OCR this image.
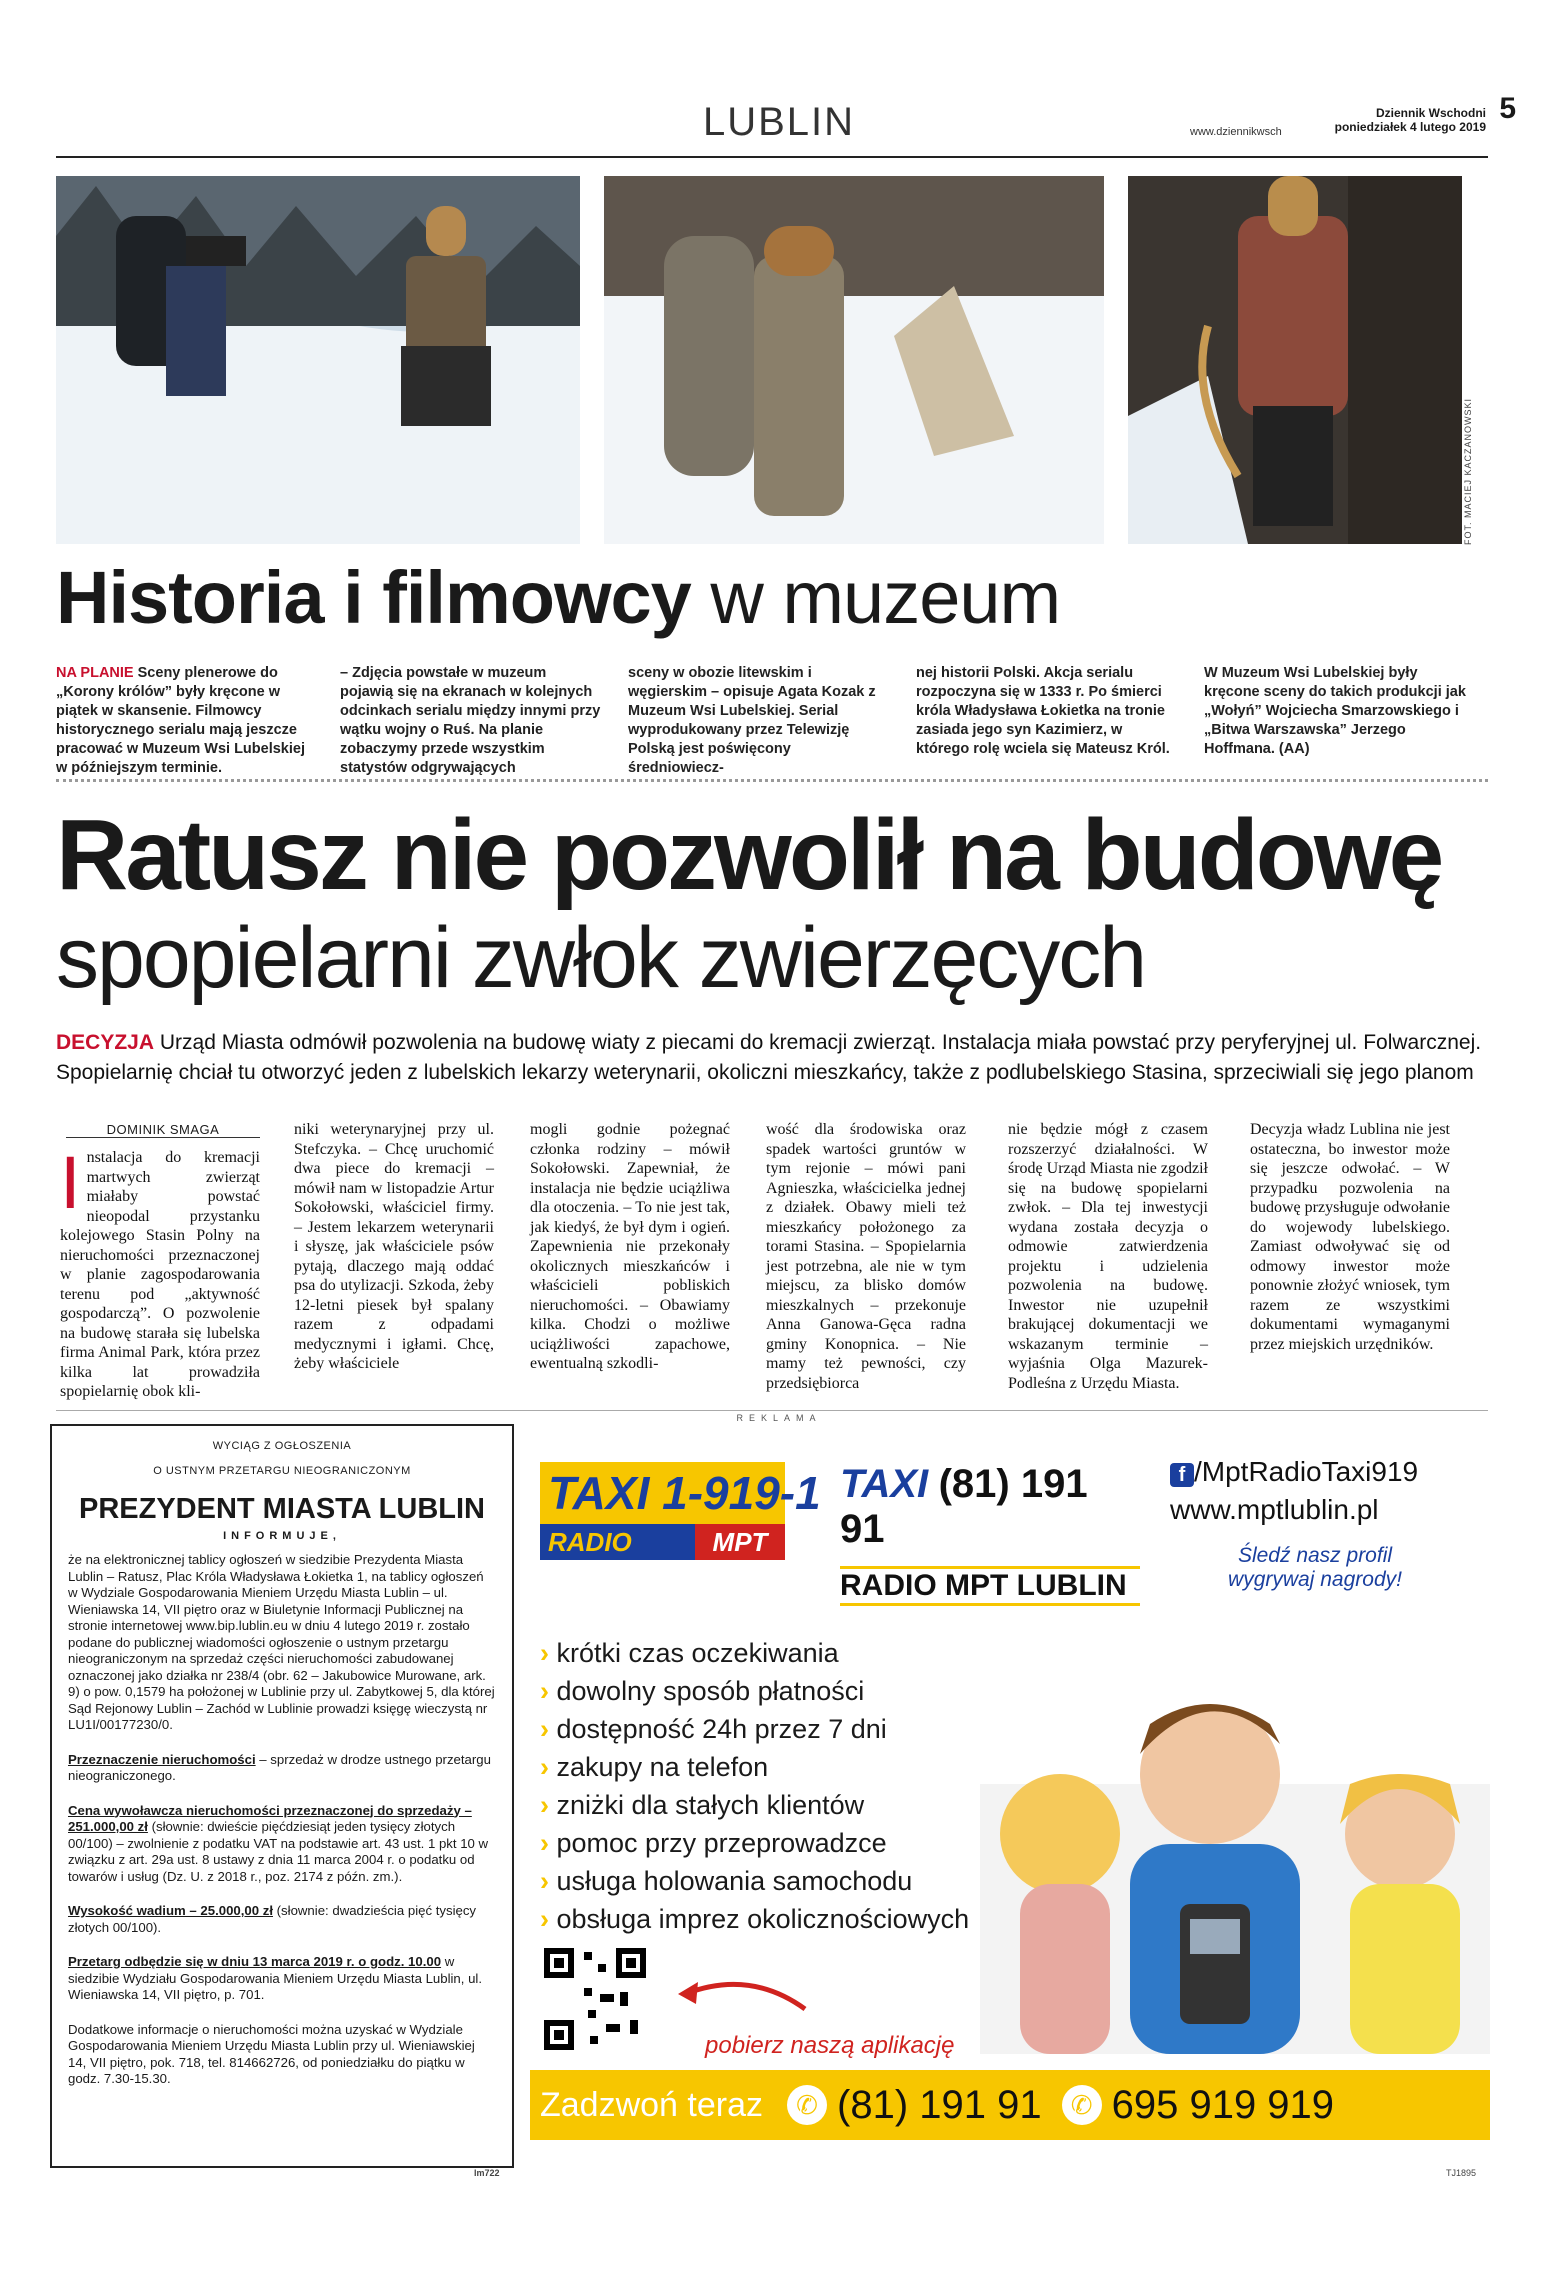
LUBLIN	www.dziennikwsch
Dziennik Wschodni
poniedziałek 4 lutego 2019
5
FOT. MACIEJ KACZANOWSKI
Historia i filmowcy w muzeum
NA PLANIE Sceny plenerowe do „Korony królów” były kręcone w piątek w skansenie. Filmowcy historycznego serialu mają jeszcze pracować w Muzeum Wsi Lubelskiej w późniejszym terminie.
– Zdjęcia powstałe w muzeum pojawią się na ekranach w kolejnych odcinkach serialu między innymi przy wątku wojny o Ruś. Na planie zobaczymy przede wszystkim statystów odgrywających
sceny w obozie litewskim i węgierskim – opisuje Agata Kozak z Muzeum Wsi Lubelskiej. Serial wyprodukowany przez Telewizję Polską jest poświęcony średniowiecz-
nej historii Polski. Akcja serialu rozpoczyna się w 1333 r. Po śmierci króla Władysława Łokietka na tronie zasiada jego syn Kazimierz, w którego rolę wciela się Mateusz Król.
W Muzeum Wsi Lubelskiej były kręcone sceny do takich produkcji jak „Wołyń” Wojciecha Smarzowskiego i „Bitwa Warszawska” Jerzego Hoffmana. (AA)
Ratusz nie pozwolił na budowę
spopielarni zwłok zwierzęcych
DECYZJA Urząd Miasta odmówił pozwolenia na budowę wiaty z piecami do kremacji zwierząt. Instalacja miała powstać przy peryferyjnej ul. Folwarcznej. Spopielarnię chciał tu otworzyć jeden z lubelskich lekarzy weterynarii, okoliczni mieszkańcy, także z podlubelskiego Stasina, sprzeciwiali się jego planom
DOMINIK SMAGA
Instalacja do kremacji martwych zwierząt miałaby powstać nieopodal przystanku kolejowego Stasin Polny na nieruchomości przeznaczonej w planie zagospodarowania terenu pod „aktywność gospodarczą”. O pozwolenie na budowę starała się lubelska firma Animal Park, która przez kilka lat prowadziła spopielarnię obok kli-
niki weterynaryjnej przy ul. Stefczyka. – Chcę uruchomić dwa piece do kremacji – mówił nam w listopadzie Artur Sokołowski, właściciel firmy. – Jestem lekarzem weterynarii i słyszę, jak właściciele psów pytają, dlaczego mają oddać psa do utylizacji. Szkoda, żeby 12-letni piesek był spalany razem z odpadami medycznymi i igłami. Chcę, żeby właściciele
mogli godnie pożegnać członka rodziny – mówił Sokołowski. Zapewniał, że instalacja nie będzie uciążliwa dla otoczenia. – To nie jest tak, jak kiedyś, że był dym i ogień. Zapewnienia nie przekonały okolicznych mieszkańców i właścicieli pobliskich nieruchomości. – Obawiamy kilka. Chodzi o możliwe uciążliwości zapachowe, ewentualną szkodli-
wość dla środowiska oraz spadek wartości gruntów w tym rejonie – mówi pani Agnieszka, właścicielka jednej z działek. Obawy mieli też mieszkańcy położonego za torami Stasina. – Spopielarnia jest potrzebna, ale nie w tym miejscu, za blisko domów mieszkalnych – przekonuje Anna Ganowa-Gęca radna gminy Konopnica. – Nie mamy też pewności, czy przedsiębiorca
nie będzie mógł z czasem rozszerzyć działalności. W środę Urząd Miasta nie zgodził się na budowę spopielarni zwłok. – Dla tej inwestycji wydana została decyzja o odmowie zatwierdzenia projektu i udzielenia pozwolenia na budowę. Inwestor nie uzupełnił brakującej dokumentacji we wskazanym terminie – wyjaśnia Olga Mazurek-Podleśna z Urzędu Miasta.
Decyzja władz Lublina nie jest ostateczna, bo inwestor może się jeszcze odwołać. – W przypadku pozwolenia na budowę przysługuje odwołanie do wojewody lubelskiego. Zamiast odwoływać się od odmowy inwestor może ponownie złożyć wniosek, tym razem ze wszystkimi dokumentami wymaganymi przez miejskich urzędników.
REKLAMA
WYCIĄG Z OGŁOSZENIA
O USTNYM PRZETARGU NIEOGRANICZONYM
PREZYDENT MIASTA LUBLIN
INFORMUJE,
że na elektronicznej tablicy ogłoszeń w siedzibie Prezydenta Miasta Lublin – Ratusz, Plac Króla Władysława Łokietka 1, na tablicy ogłoszeń w Wydziale Gospodarowania Mieniem Urzędu Miasta Lublin – ul. Wieniawska 14, VII piętro oraz w Biuletynie Informacji Publicznej na stronie internetowej www.bip.lublin.eu w dniu 4 lutego 2019 r. zostało podane do publicznej wiadomości ogłoszenie o ustnym przetargu nieograniczonym na sprzedaż części nieruchomości zabudowanej oznaczonej jako działka nr 238/4 (obr. 62 – Jakubowice Murowane, ark. 9) o pow. 0,1579 ha położonej w Lublinie przy ul. Zabytkowej 5, dla której Sąd Rejonowy Lublin – Zachód w Lublinie prowadzi księgę wieczystą nr LU1I/00177230/0.
Przeznaczenie nieruchomości – sprzedaż w drodze ustnego przetargu nieograniczonego.
Cena wywoławcza nieruchomości przeznaczonej do sprzedaży – 251.000,00 zł (słownie: dwieście pięćdziesiąt jeden tysięcy złotych 00/100) – zwolnienie z podatku VAT na podstawie art. 43 ust. 1 pkt 10 w związku z art. 29a ust. 8 ustawy z dnia 11 marca 2004 r. o podatku od towarów i usług (Dz. U. z 2018 r., poz. 2174 z późn. zm.).
Wysokość wadium – 25.000,00 zł (słownie: dwadzieścia pięć tysięcy złotych 00/100).
Przetarg odbędzie się w dniu 13 marca 2019 r. o godz. 10.00 w siedzibie Wydziału Gospodarowania Mieniem Urzędu Miasta Lublin, ul. Wieniawska 14, VII piętro, p. 701.
Dodatkowe informacje o nieruchomości można uzyskać w Wydziale Gospodarowania Mieniem Urzędu Miasta Lublin przy ul. Wieniawskiej 14, VII piętro, pok. 718, tel. 814662726, od poniedziałku do piątku w godz. 7.30-15.30.
lm722
TAXI 1-919-1
RADIO	MPT
TAXI (81) 191 91
RADIO MPT LUBLIN
f /MptRadioTaxi919
www.mptlublin.pl
Śledź nasz profil wygrywaj nagrody!
› krótki czas oczekiwania
› dowolny sposób płatności
› dostępność 24h przez 7 dni
› zakupy na telefon
› zniżki dla stałych klientów
› pomoc przy przeprowadzce
› usługa holowania samochodu
› obsługa imprez okolicznościowych
pobierz naszą aplikację
Zadzwoń teraz	✆ (81) 191 91	✆ 695 919 919
TJ1895
